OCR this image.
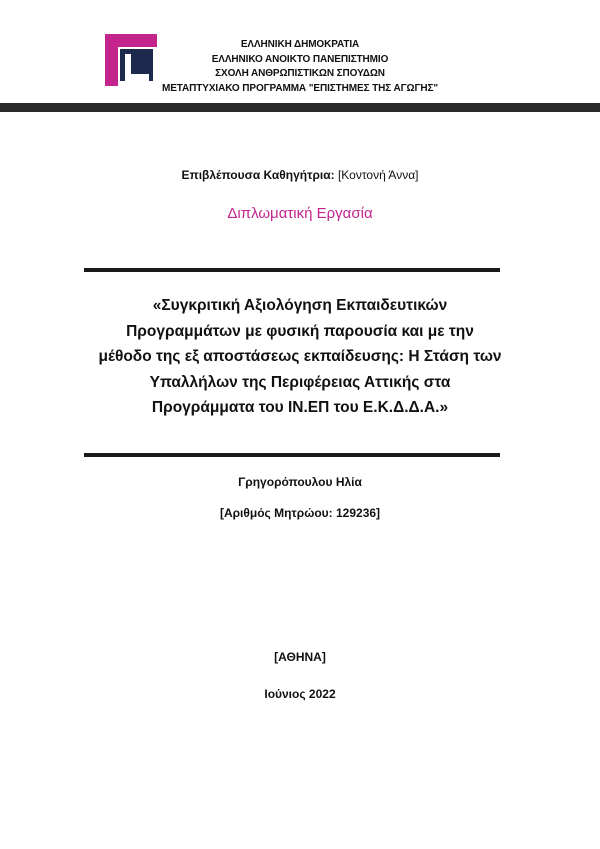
ΕΛΛΗΝΙΚΗ ΔΗΜΟΚΡΑΤΙΑ
ΕΛΛΗΝΙΚΟ ΑΝΟΙΚΤΟ ΠΑΝΕΠΙΣΤΗΜΙΟ
ΣΧΟΛΗ ΑΝΘΡΩΠΙΣΤΙΚΩΝ ΣΠΟΥΔΩΝ
ΜΕΤΑΠΤΥΧΙΑΚΟ ΠΡΟΓΡΑΜΜΑ "ΕΠΙΣΤΗΜΕΣ ΤΗΣ ΑΓΩΓΗΣ"
Επιβλέπουσα Καθηγήτρια: [Κοντονή Άννα]
Διπλωματική Εργασία
«Συγκριτική Αξιολόγηση Εκπαιδευτικών
Προγραμμάτων με φυσική παρουσία και με την
μέθοδο της εξ αποστάσεως εκπαίδευσης: Η Στάση των
Υπαλλήλων της Περιφέρειας Αττικής στα
Προγράμματα του ΙΝ.ΕΠ του Ε.Κ.Δ.Δ.Α.»
Γρηγορόπουλου Ηλία
[Αριθμός Μητρώου: 129236]
[ΑΘΗΝΑ]
Ιούνιος 2022
